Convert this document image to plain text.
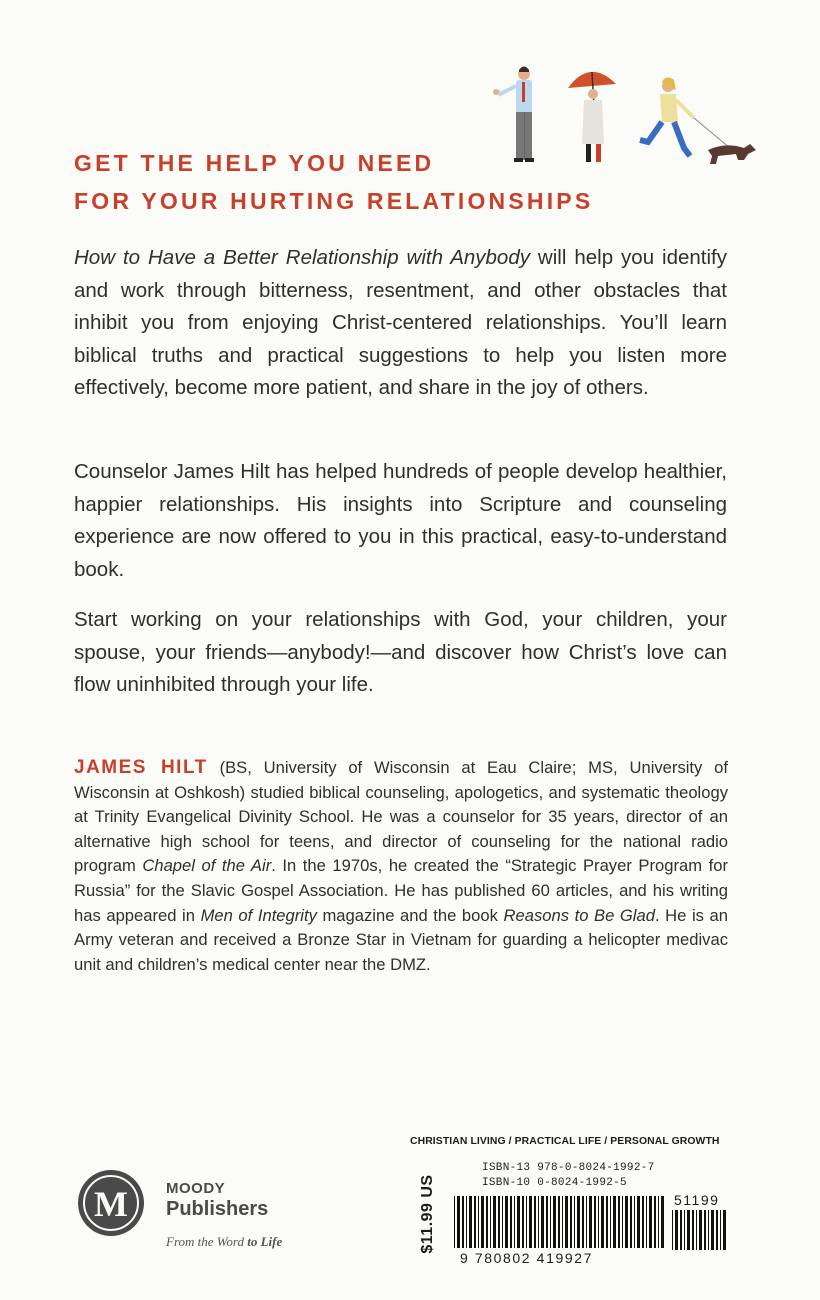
GET THE HELP YOU NEED
FOR YOUR HURTING RELATIONSHIPS

How to Have a Better Relationship with Anybody will help you identify and work through bitterness, resentment, and other obstacles that inhibit you from enjoying Christ-centered relationships. You’ll learn biblical truths and practical suggestions to help you listen more effectively, become more patient, and share in the joy of others.

Counselor James Hilt has helped hundreds of people develop healthier, happier relationships. His insights into Scripture and counseling experience are now offered to you in this practical, easy-to-understand book.

Start working on your relationships with God, your children, your spouse, your friends—anybody!—and discover how Christ’s love can flow uninhibited through your life.

JAMES HILT (BS, University of Wisconsin at Eau Claire; MS, University of Wisconsin at Oshkosh) studied biblical counseling, apologetics, and systematic theology at Trinity Evangelical Divinity School. He was a counselor for 35 years, director of an alternative high school for teens, and director of counseling for the national radio program Chapel of the Air. In the 1970s, he created the “Strategic Prayer Program for Russia” for the Slavic Gospel Association. He has published 60 articles, and his writing has appeared in Men of Integrity magazine and the book Reasons to Be Glad. He is an Army veteran and received a Bronze Star in Vietnam for guarding a helicopter medivac unit and children’s medical center near the DMZ.

CHRISTIAN LIVING / PRACTICAL LIFE / PERSONAL GROWTH
M	MOODY
Publishers
From the Word to Life	$11.99 US
ISBN-13 978-0-8024-1992-7
ISBN-10 0-8024-1992-5
9 780802 419927
51199
